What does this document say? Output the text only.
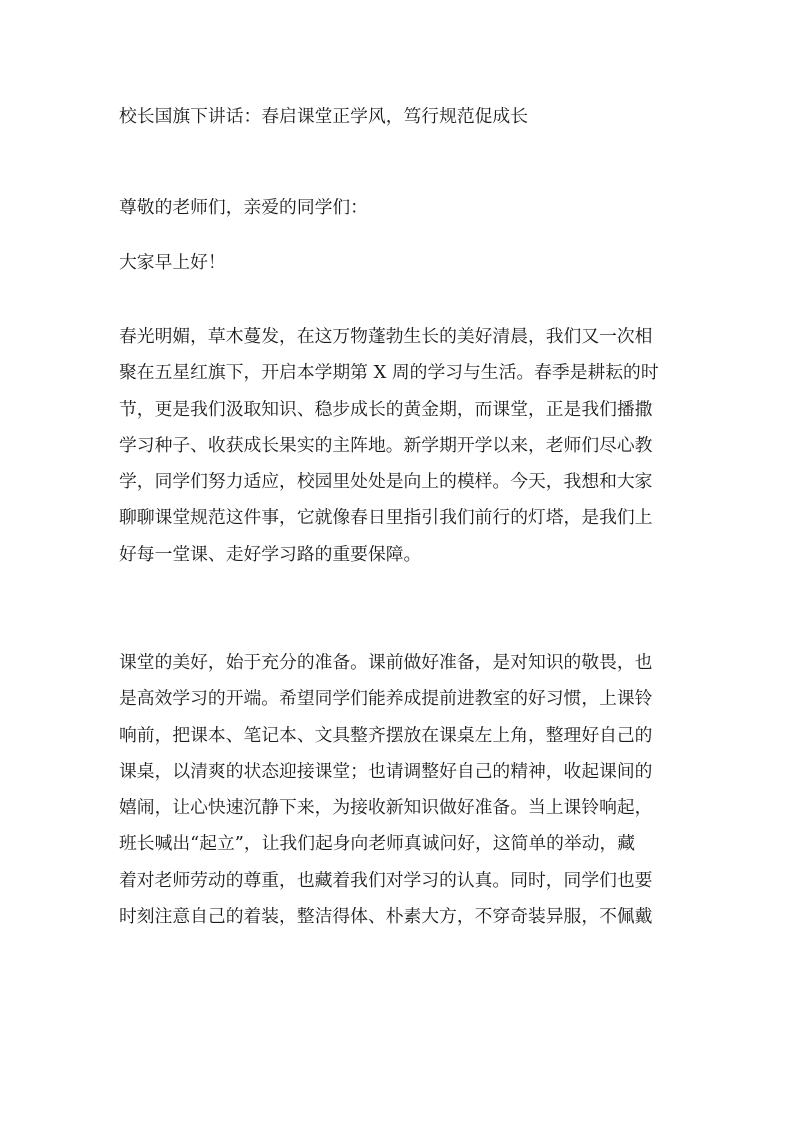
校长国旗下讲话：春启课堂正学风，笃行规范促成长

尊敬的老师们，亲爱的同学们：

大家早上好！

春光明媚，草木蔓发，在这万物蓬勃生长的美好清晨，我们又一次相
聚在五星红旗下，开启本学期第 X 周的学习与生活。春季是耕耘的时
节，更是我们汲取知识、稳步成长的黄金期，而课堂，正是我们播撒
学习种子、收获成长果实的主阵地。新学期开学以来，老师们尽心教
学，同学们努力适应，校园里处处是向上的模样。今天，我想和大家
聊聊课堂规范这件事，它就像春日里指引我们前行的灯塔，是我们上
好每一堂课、走好学习路的重要保障。
课堂的美好，始于充分的准备。课前做好准备，是对知识的敬畏，也
是高效学习的开端。希望同学们能养成提前进教室的好习惯，上课铃
响前，把课本、笔记本、文具整齐摆放在课桌左上角，整理好自己的
课桌，以清爽的状态迎接课堂；也请调整好自己的精神，收起课间的
嬉闹，让心快速沉静下来，为接收新知识做好准备。当上课铃响起，
班长喊出“起立”，让我们起身向老师真诚问好，这简单的举动，藏
着对老师劳动的尊重，也藏着我们对学习的认真。同时，同学们也要
时刻注意自己的着装，整洁得体、朴素大方，不穿奇装异服，不佩戴
